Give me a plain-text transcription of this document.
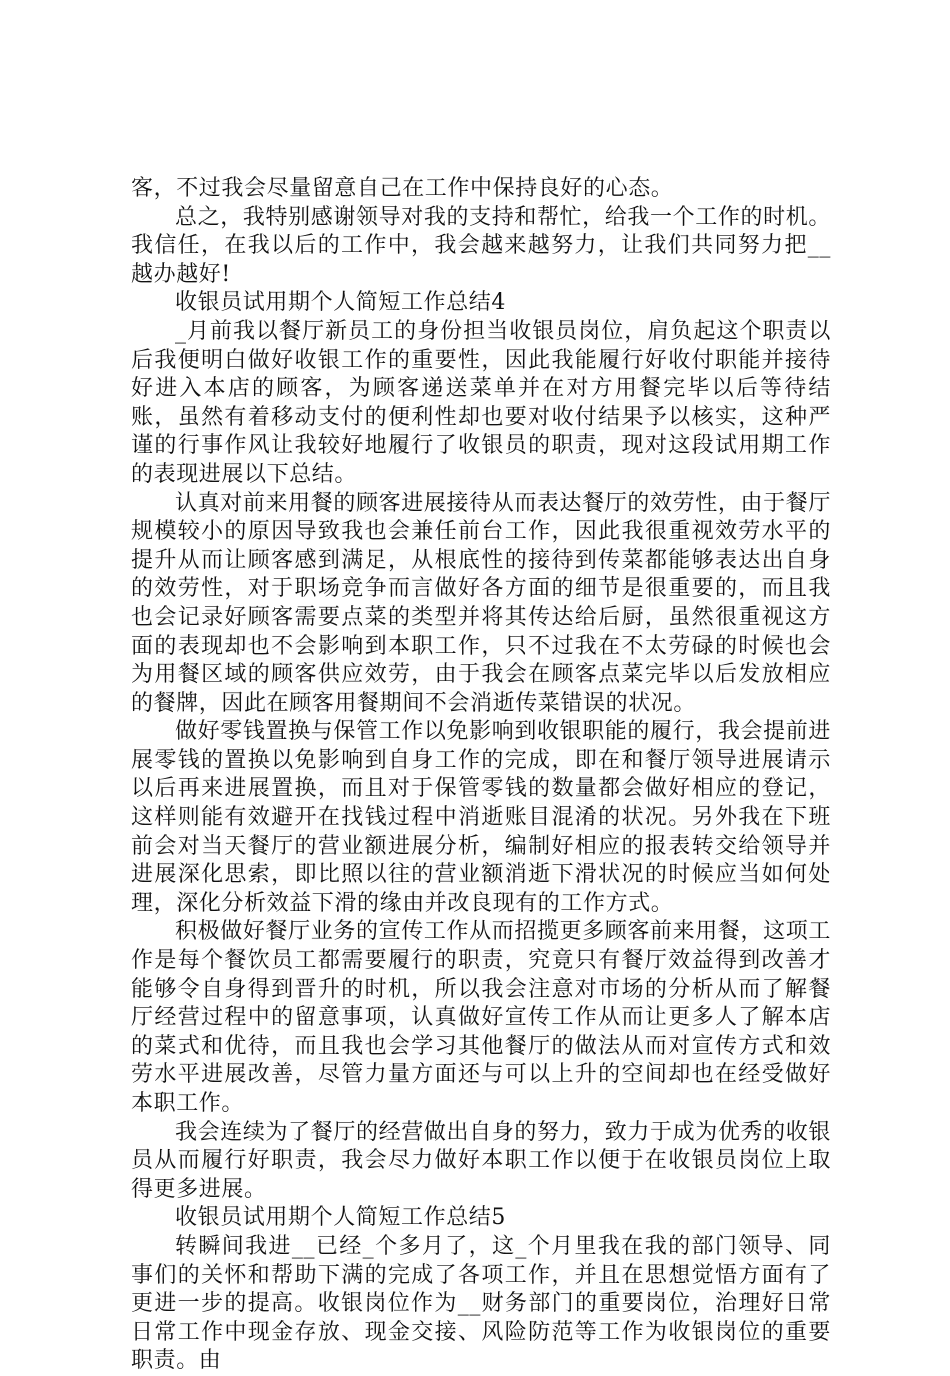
客，不过我会尽量留意自己在工作中保持良好的心态。

总之，我特别感谢领导对我的支持和帮忙，给我一个工作的时机。我信任，在我以后的工作中，我会越来越努力，让我们共同努力把__越办越好!

收银员试用期个人简短工作总结4

_月前我以餐厅新员工的身份担当收银员岗位，肩负起这个职责以后我便明白做好收银工作的重要性，因此我能履行好收付职能并接待好进入本店的顾客，为顾客递送菜单并在对方用餐完毕以后等待结账，虽然有着移动支付的便利性却也要对收付结果予以核实，这种严谨的行事作风让我较好地履行了收银员的职责，现对这段试用期工作的表现进展以下总结。

认真对前来用餐的顾客进展接待从而表达餐厅的效劳性，由于餐厅规模较小的原因导致我也会兼任前台工作，因此我很重视效劳水平的提升从而让顾客感到满足，从根底性的接待到传菜都能够表达出自身的效劳性，对于职场竞争而言做好各方面的细节是很重要的，而且我也会记录好顾客需要点菜的类型并将其传达给后厨，虽然很重视这方面的表现却也不会影响到本职工作，只不过我在不太劳碌的时候也会为用餐区域的顾客供应效劳，由于我会在顾客点菜完毕以后发放相应的餐牌，因此在顾客用餐期间不会消逝传菜错误的状况。

做好零钱置换与保管工作以免影响到收银职能的履行，我会提前进展零钱的置换以免影响到自身工作的完成，即在和餐厅领导进展请示以后再来进展置换，而且对于保管零钱的数量都会做好相应的登记，这样则能有效避开在找钱过程中消逝账目混淆的状况。另外我在下班前会对当天餐厅的营业额进展分析，编制好相应的报表转交给领导并进展深化思索，即比照以往的营业额消逝下滑状况的时候应当如何处理，深化分析效益下滑的缘由并改良现有的工作方式。

积极做好餐厅业务的宣传工作从而招揽更多顾客前来用餐，这项工作是每个餐饮员工都需要履行的职责，究竟只有餐厅效益得到改善才能够令自身得到晋升的时机，所以我会注意对市场的分析从而了解餐厅经营过程中的留意事项，认真做好宣传工作从而让更多人了解本店的菜式和优待，而且我也会学习其他餐厅的做法从而对宣传方式和效劳水平进展改善，尽管力量方面还与可以上升的空间却也在经受做好本职工作。

我会连续为了餐厅的经营做出自身的努力，致力于成为优秀的收银员从而履行好职责，我会尽力做好本职工作以便于在收银员岗位上取得更多进展。

收银员试用期个人简短工作总结5

转瞬间我进__已经_个多月了，这_个月里我在我的部门领导、同事们的关怀和帮助下满的完成了各项工作，并且在思想觉悟方面有了更进一步的提高。收银岗位作为__财务部门的重要岗位，治理好日常日常工作中现金存放、现金交接、风险防范等工作为收银岗位的重要职责。由
